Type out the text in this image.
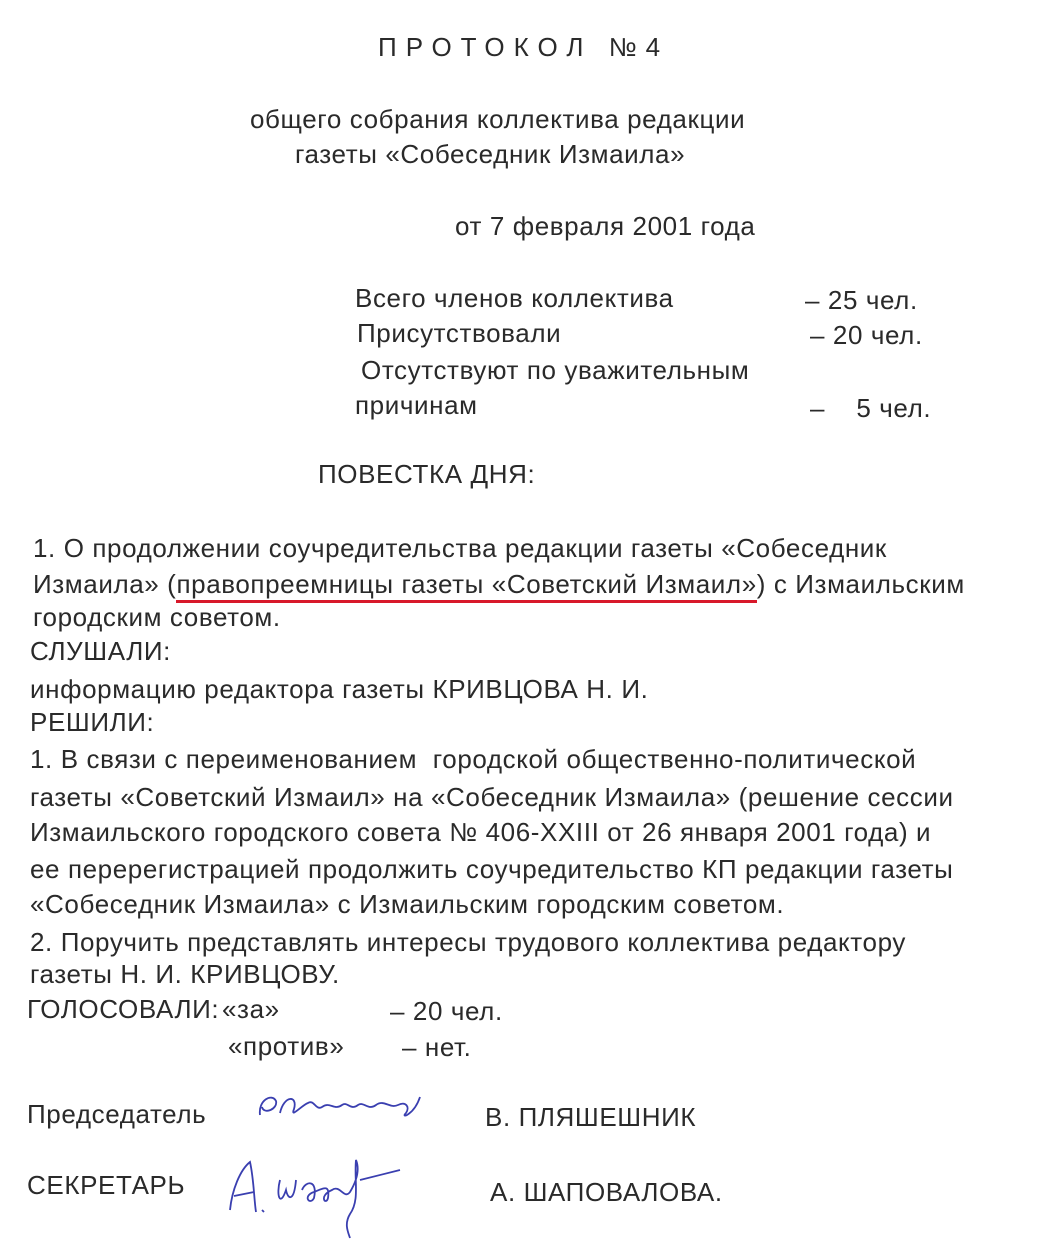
ПРОТОКОЛ №4
общего собрания коллектива редакции
газеты «Собеседник Измаила»
от 7 февраля 2001 года
Всего членов коллектива	– 25 чел.
Присутствовали	– 20 чел.
Отсутствуют по уважительным
причинам	–    5 чел.
ПОВЕСТКА ДНЯ:
1. О продолжении соучредительства редакции газеты «Собеседник
Измаила» (правопреемницы газеты «Советский Измаил») с Измаильским
городским советом.
СЛУШАЛИ:
информацию редактора газеты КРИВЦОВА Н. И.
РЕШИЛИ:
1. В связи с переименованием  городской общественно-политической
газеты «Советский Измаил» на «Собеседник Измаила» (решение сессии
Измаильского городского совета № 406-XXIII от 26 января 2001 года) и
ее перерегистрацией продолжить соучредительство КП редакции газеты
«Собеседник Измаила» с Измаильским городским советом.
2. Поручить представлять интересы трудового коллектива редактору
газеты Н. И. КРИВЦОВУ.
ГОЛОСОВАЛИ: «за»	– 20 чел.
«против» – нет.
Председатель	В. ПЛЯШЕШНИК
СЕКРЕТАРЬ	А. ШАПОВАЛОВА.
